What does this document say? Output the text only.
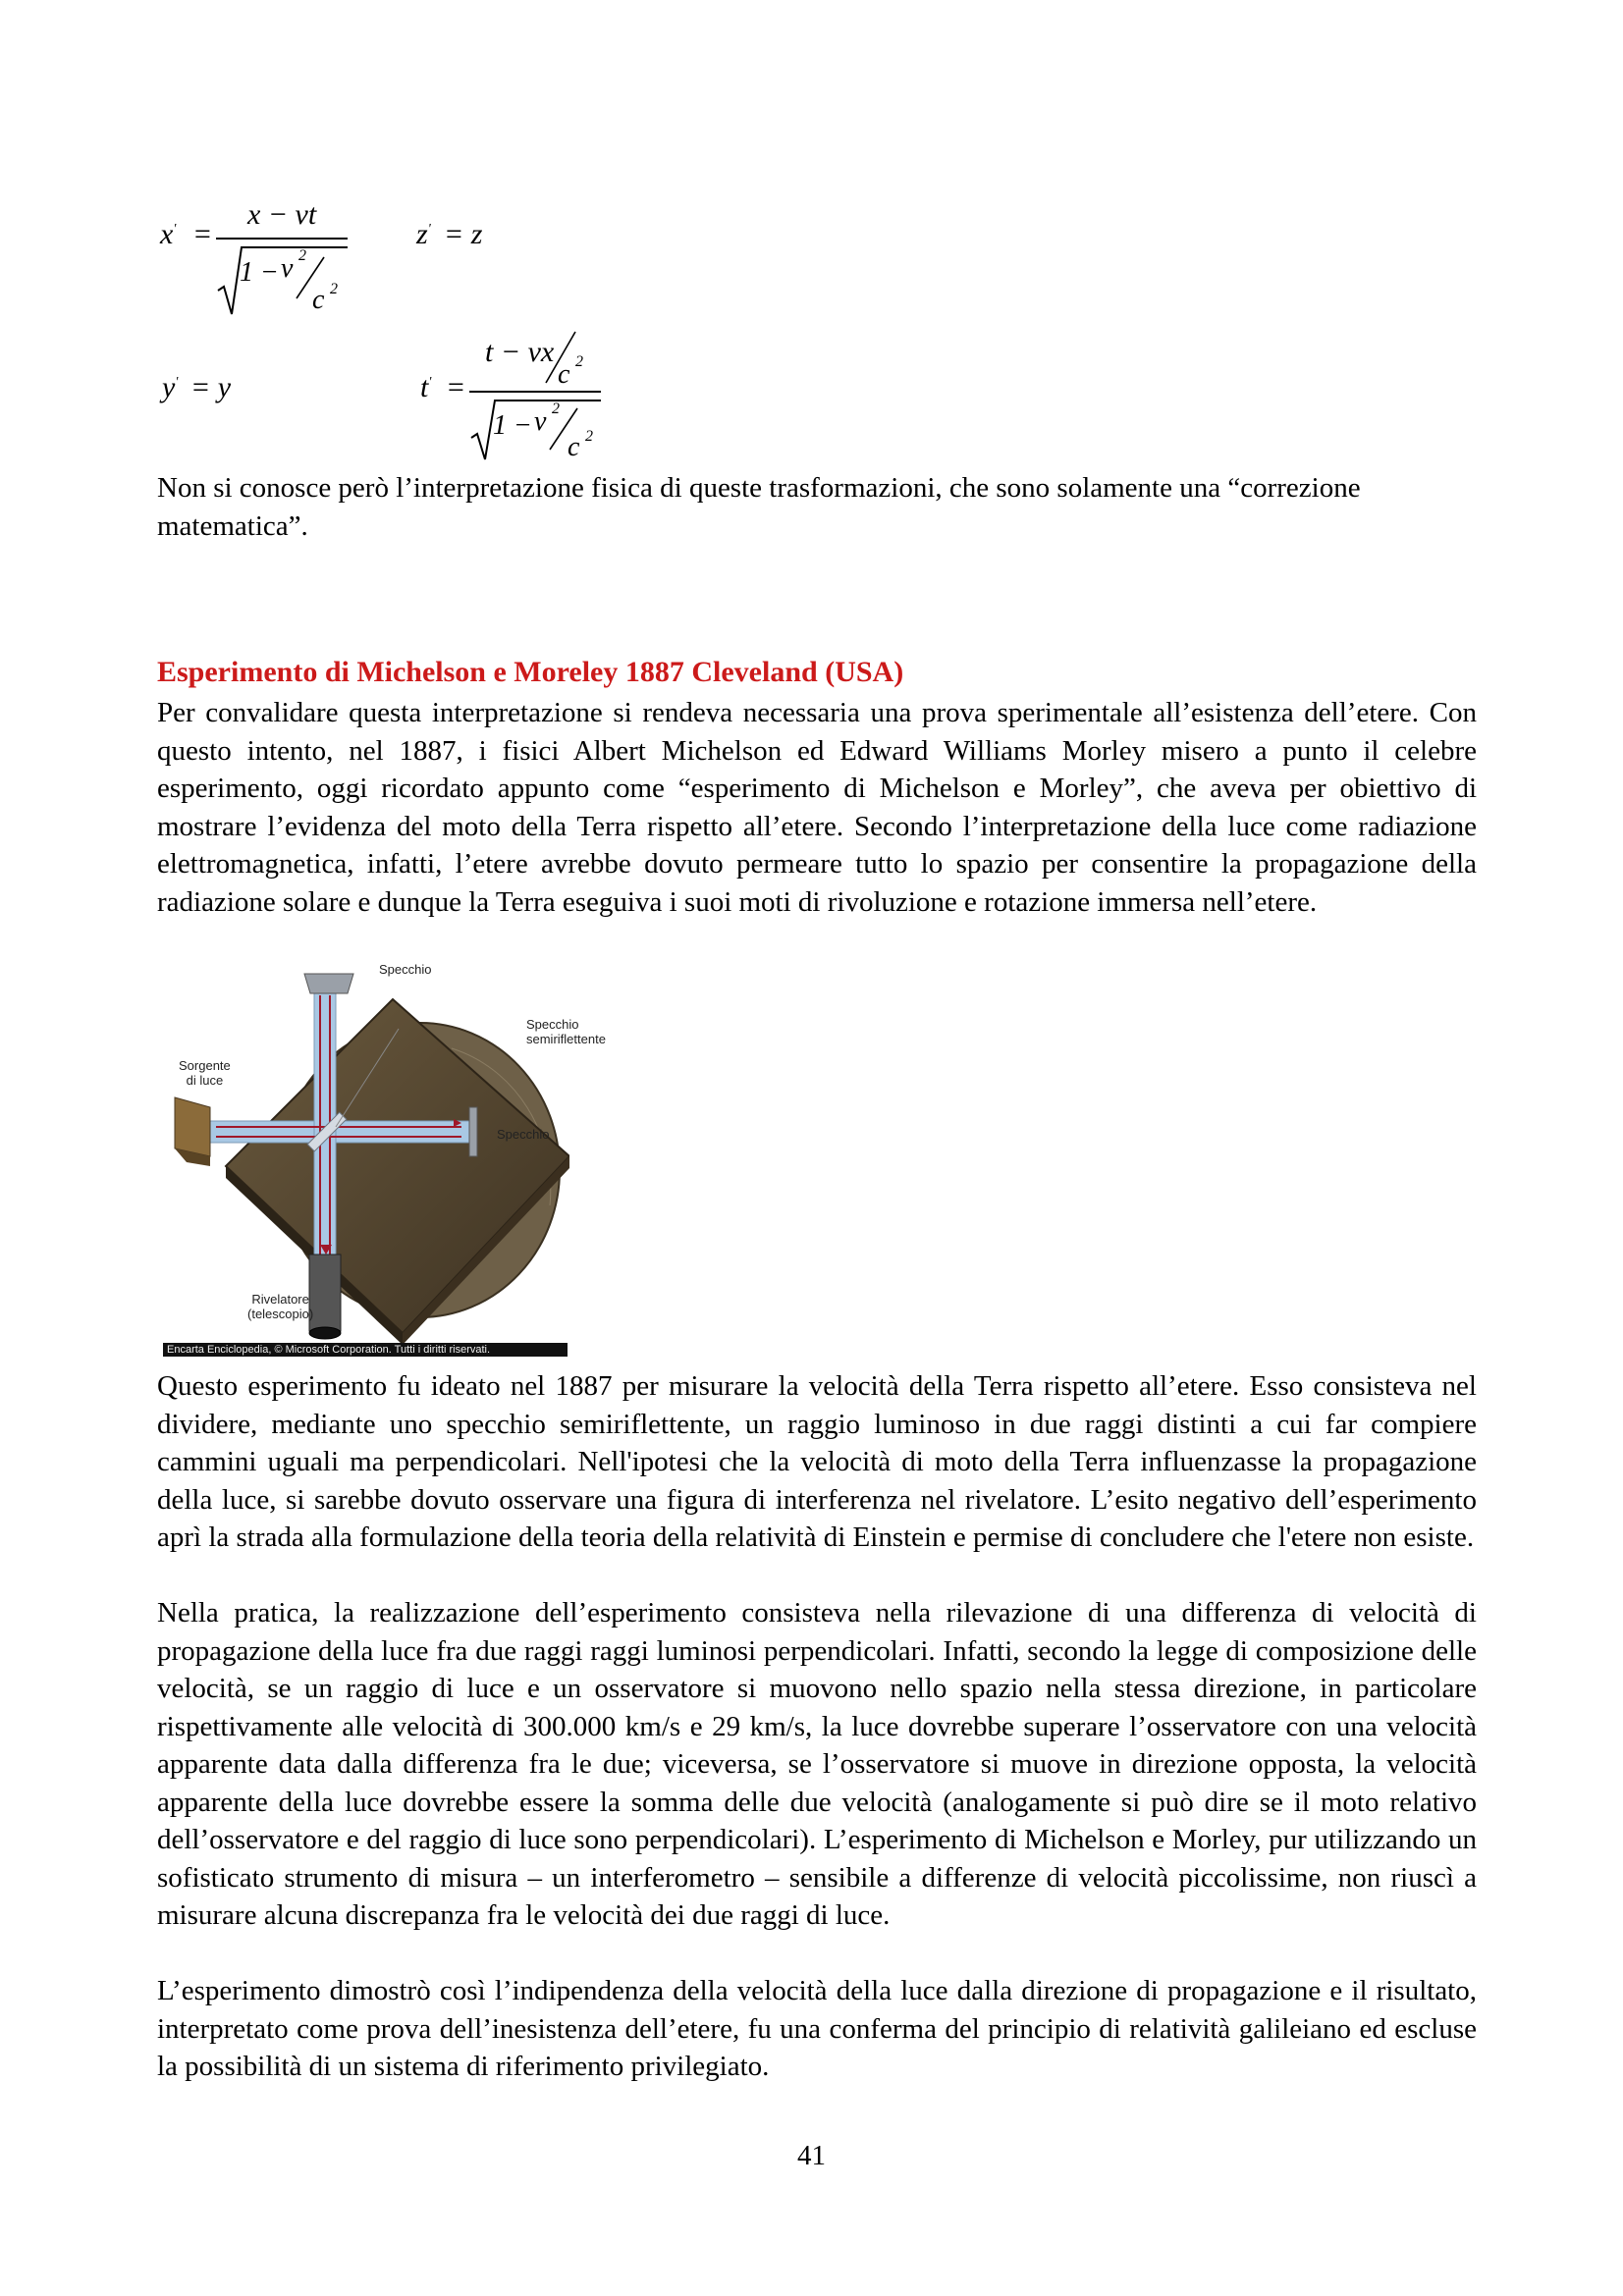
x' =
x − vt
1 − v 2
c 2
z' = z
y' = y	t' =
t − vx
c 2
1 − v 2
c 2

Non si conosce però l’interpretazione fisica di queste trasformazioni, che sono solamente una “correzione matematica”.

Esperimento di Michelson e Moreley 1887 Cleveland (USA)

Per convalidare questa interpretazione si rendeva necessaria una prova sperimentale all’esistenza dell’etere. Con questo intento, nel 1887, i fisici Albert Michelson ed Edward Williams Morley misero a punto il celebre esperimento, oggi ricordato appunto come “esperimento di Michelson e Morley”, che aveva per obiettivo di mostrare l’evidenza del moto della Terra rispetto all’etere. Secondo l’interpretazione della luce come radiazione elettromagnetica, infatti, l’etere avrebbe dovuto permeare tutto lo spazio per consentire la propagazione della radiazione solare e dunque la Terra eseguiva i suoi moti di rivoluzione e rotazione immersa nell’etere.

Specchio
Specchio
semiriflettente
Sorgente
di luce
Specchio
Rivelatore
(telescopio)
Encarta Enciclopedia, © Microsoft Corporation. Tutti i diritti riservati.

Questo esperimento fu ideato nel 1887 per misurare la velocità della Terra rispetto all’etere. Esso consisteva nel dividere, mediante uno specchio semiriflettente, un raggio luminoso in due raggi distinti a cui far compiere cammini uguali ma perpendicolari. Nell'ipotesi che la velocità di moto della Terra influenzasse la propagazione della luce, si sarebbe dovuto osservare una figura di interferenza nel rivelatore. L’esito negativo dell’esperimento aprì la strada alla formulazione della teoria della relatività di Einstein e permise di concludere che l'etere non esiste.

Nella pratica, la realizzazione dell’esperimento consisteva nella rilevazione di una differenza di velocità di propagazione della luce fra due raggi raggi luminosi perpendicolari. Infatti, secondo la legge di composizione delle velocità, se un raggio di luce e un osservatore si muovono nello spazio nella stessa direzione, in particolare rispettivamente alle velocità di 300.000 km/s e 29 km/s, la luce dovrebbe superare l’osservatore con una velocità apparente data dalla differenza fra le due; viceversa, se l’osservatore si muove in direzione opposta, la velocità apparente della luce dovrebbe essere la somma delle due velocità (analogamente si può dire se il moto relativo dell’osservatore e del raggio di luce sono perpendicolari). L’esperimento di Michelson e Morley, pur utilizzando un sofisticato strumento di misura – un interferometro – sensibile a differenze di velocità piccolissime, non riuscì a misurare alcuna discrepanza fra le velocità dei due raggi di luce.

L’esperimento dimostrò così l’indipendenza della velocità della luce dalla direzione di propagazione e il risultato, interpretato come prova dell’inesistenza dell’etere, fu una conferma del principio di relatività galileiano ed escluse la possibilità di un sistema di riferimento privilegiato.

41
